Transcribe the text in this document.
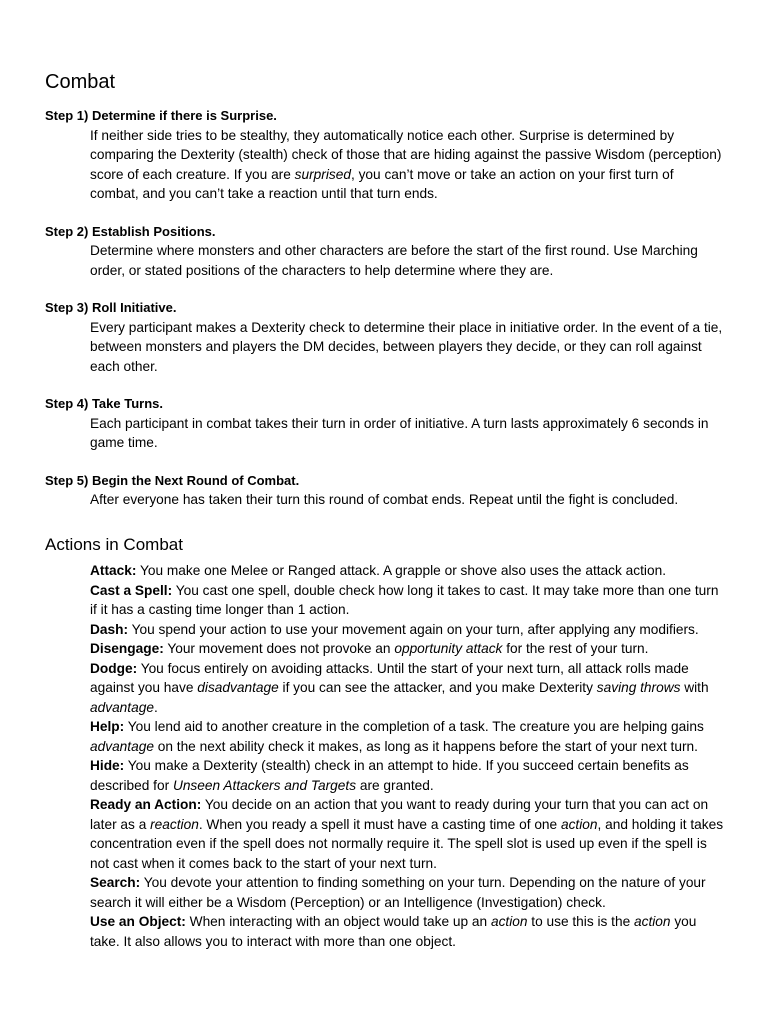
Combat

Step 1) Determine if there is Surprise.

If neither side tries to be stealthy, they automatically notice each other. Surprise is determined by comparing the Dexterity (stealth) check of those that are hiding against the passive Wisdom (perception) score of each creature. If you are surprised, you can’t move or take an action on your first turn of combat, and you can’t take a reaction until that turn ends.

Step 2) Establish Positions.

Determine where monsters and other characters are before the start of the first round. Use Marching order, or stated positions of the characters to help determine where they are.

Step 3) Roll Initiative.

Every participant makes a Dexterity check to determine their place in initiative order. In the event of a tie, between monsters and players the DM decides, between players they decide, or they can roll against each other.

Step 4) Take Turns.

Each participant in combat takes their turn in order of initiative. A turn lasts approximately 6 seconds in game time.

Step 5) Begin the Next Round of Combat.

After everyone has taken their turn this round of combat ends. Repeat until the fight is concluded.

Actions in Combat

Attack: You make one Melee or Ranged attack. A grapple or shove also uses the attack action.

Cast a Spell: You cast one spell, double check how long it takes to cast. It may take more than one turn if it has a casting time longer than 1 action.

Dash: You spend your action to use your movement again on your turn, after applying any modifiers.

Disengage: Your movement does not provoke an opportunity attack for the rest of your turn.

Dodge: You focus entirely on avoiding attacks. Until the start of your next turn, all attack rolls made against you have disadvantage if you can see the attacker, and you make Dexterity saving throws with advantage.

Help: You lend aid to another creature in the completion of a task. The creature you are helping gains advantage on the next ability check it makes, as long as it happens before the start of your next turn.

Hide: You make a Dexterity (stealth) check in an attempt to hide. If you succeed certain benefits as described for Unseen Attackers and Targets are granted.

Ready an Action: You decide on an action that you want to ready during your turn that you can act on later as a reaction. When you ready a spell it must have a casting time of one action, and holding it takes concentration even if the spell does not normally require it. The spell slot is used up even if the spell is not cast when it comes back to the start of your next turn.

Search: You devote your attention to finding something on your turn. Depending on the nature of your search it will either be a Wisdom (Perception) or an Intelligence (Investigation) check.

Use an Object: When interacting with an object would take up an action to use this is the action you take. It also allows you to interact with more than one object.
